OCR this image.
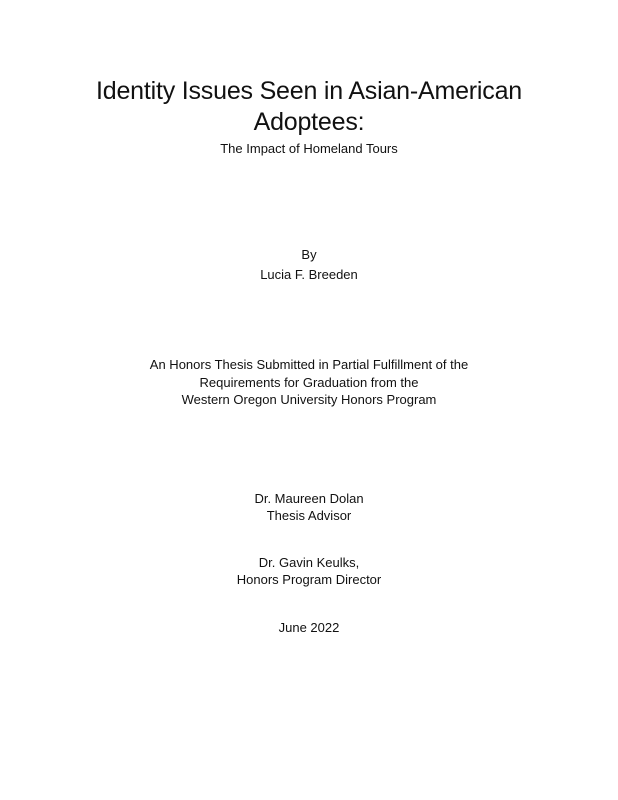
Identity Issues Seen in Asian-American
Adoptees:
The Impact of Homeland Tours
By
Lucia F. Breeden
An Honors Thesis Submitted in Partial Fulfillment of the
Requirements for Graduation from the
Western Oregon University Honors Program
Dr. Maureen Dolan
Thesis Advisor
Dr. Gavin Keulks,
Honors Program Director
June 2022
